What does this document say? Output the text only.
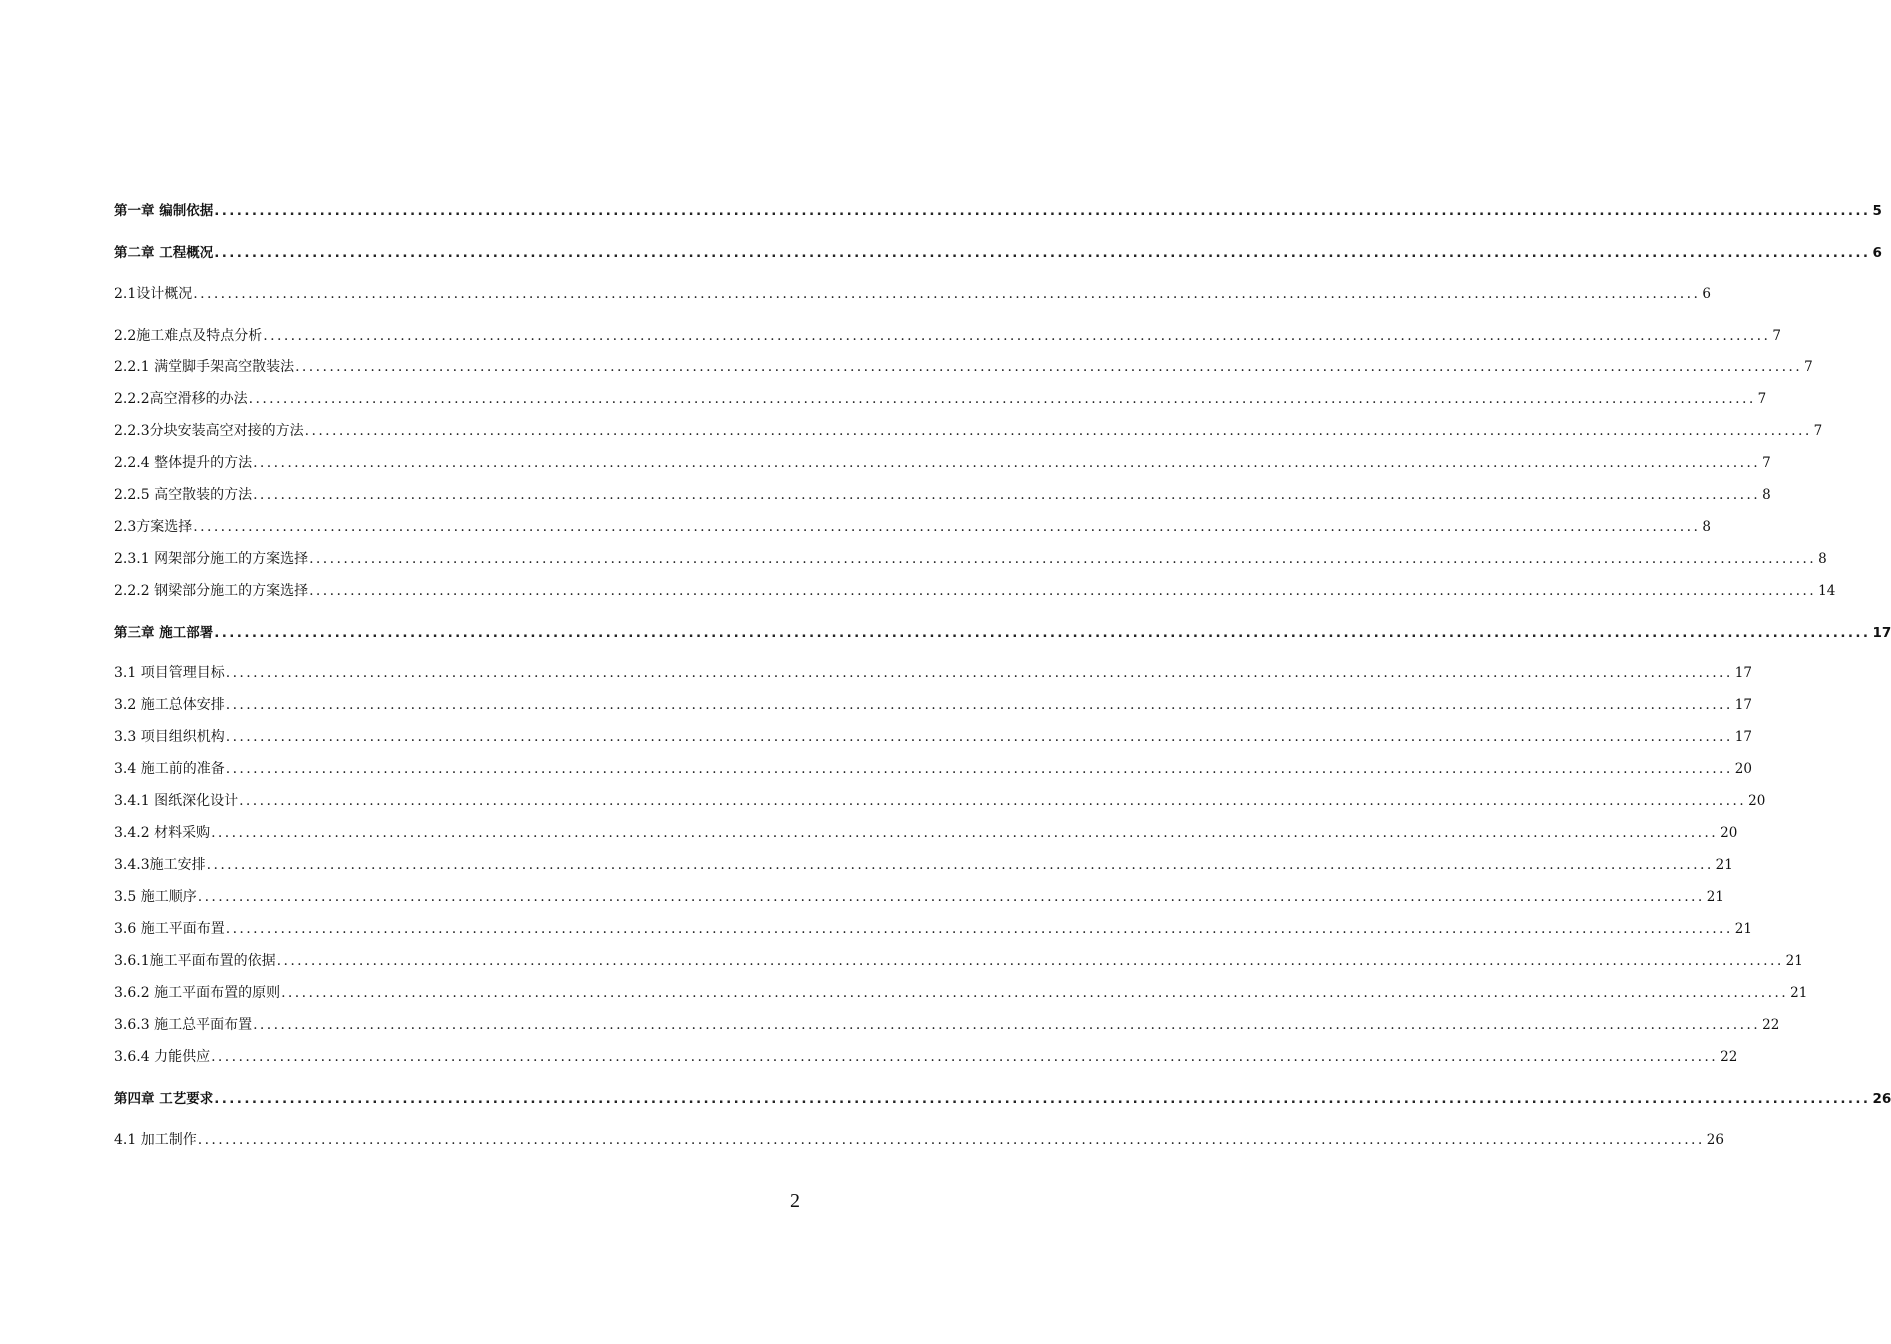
第一章 编制依据 ............................................................................................................................................................................................................................ 5
第二章 工程概况 ............................................................................................................................................................................................................................ 6
2.1设计概况 ............................................................................................................................................................................................................................ 6
2.2施工难点及特点分析 ............................................................................................................................................................................................................................ 7
2.2.1 满堂脚手架高空散装法 ............................................................................................................................................................................................................................ 7
2.2.2高空滑移的办法 ............................................................................................................................................................................................................................ 7
2.2.3分块安装高空对接的方法 ............................................................................................................................................................................................................................ 7
2.2.4 整体提升的方法 ............................................................................................................................................................................................................................ 7
2.2.5 高空散装的方法 ............................................................................................................................................................................................................................ 8
2.3方案选择 ............................................................................................................................................................................................................................ 8
2.3.1 网架部分施工的方案选择 ............................................................................................................................................................................................................................ 8
2.2.2 钢梁部分施工的方案选择 ............................................................................................................................................................................................................................ 14
第三章 施工部署 ............................................................................................................................................................................................................................ 17
3.1 项目管理目标 ............................................................................................................................................................................................................................ 17
3.2 施工总体安排 ............................................................................................................................................................................................................................ 17
3.3 项目组织机构 ............................................................................................................................................................................................................................ 17
3.4 施工前的准备 ............................................................................................................................................................................................................................ 20
3.4.1 图纸深化设计 ............................................................................................................................................................................................................................ 20
3.4.2 材料采购 ............................................................................................................................................................................................................................ 20
3.4.3施工安排 ............................................................................................................................................................................................................................ 21
3.5 施工顺序 ............................................................................................................................................................................................................................ 21
3.6 施工平面布置 ............................................................................................................................................................................................................................ 21
3.6.1施工平面布置的依据 ............................................................................................................................................................................................................................ 21
3.6.2 施工平面布置的原则 ............................................................................................................................................................................................................................ 21
3.6.3 施工总平面布置 ............................................................................................................................................................................................................................ 22
3.6.4 力能供应 ............................................................................................................................................................................................................................ 22
第四章 工艺要求 ............................................................................................................................................................................................................................ 26
4.1 加工制作 ............................................................................................................................................................................................................................ 26
2
